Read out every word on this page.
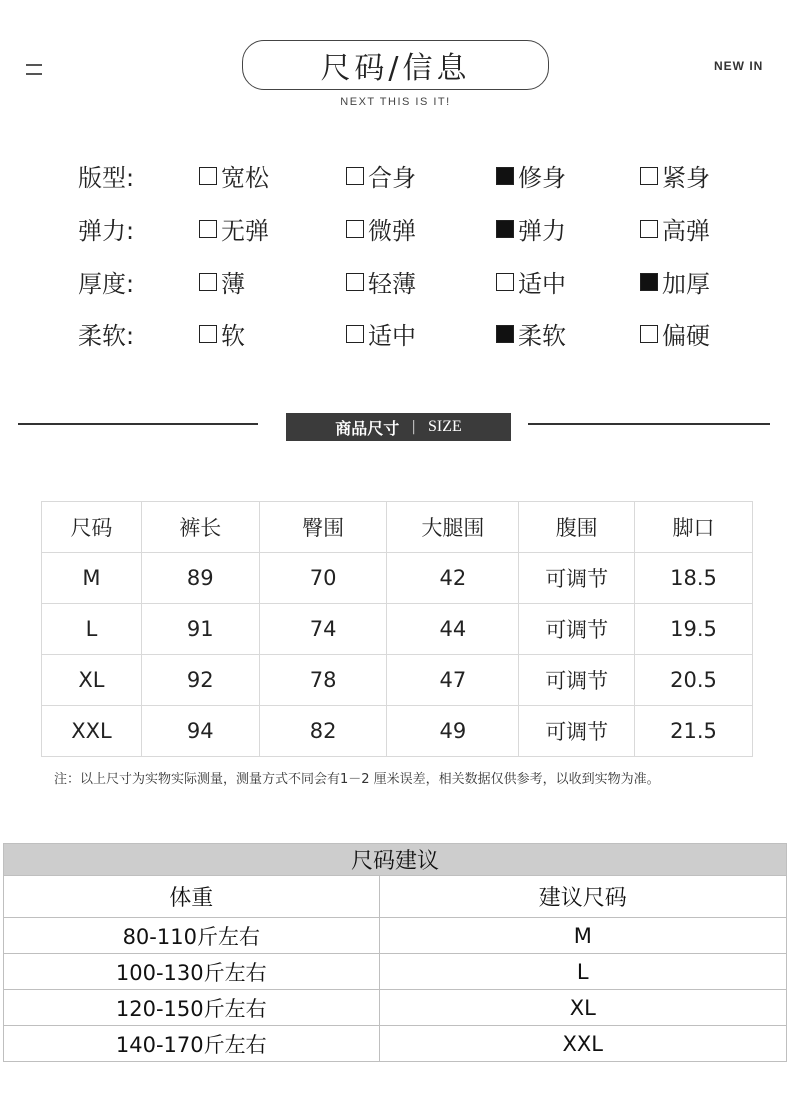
尺码/信息
NEXT THIS IS IT!
NEW IN
版型:	宽松	合身	修身	紧身
弹力:	无弹	微弹	弹力	高弹
厚度:	薄	轻薄	适中	加厚
柔软:	软	适中	柔软	偏硬
商品尺寸 | SIZE
尺码	裤长	臀围	大腿围	腹围	脚口
M	89	70	42	可调节	18.5
L	91	74	44	可调节	19.5
XL	92	78	47	可调节	20.5
XXL	94	82	49	可调节	21.5
注：以上尺寸为实物实际测量，测量方式不同会有1－2 厘米误差，相关数据仅供参考，以收到实物为准。
尺码建议	
体重	建议尺码
80-110斤左右	M
100-130斤左右	L
120-150斤左右	XL
140-170斤左右	XXL
